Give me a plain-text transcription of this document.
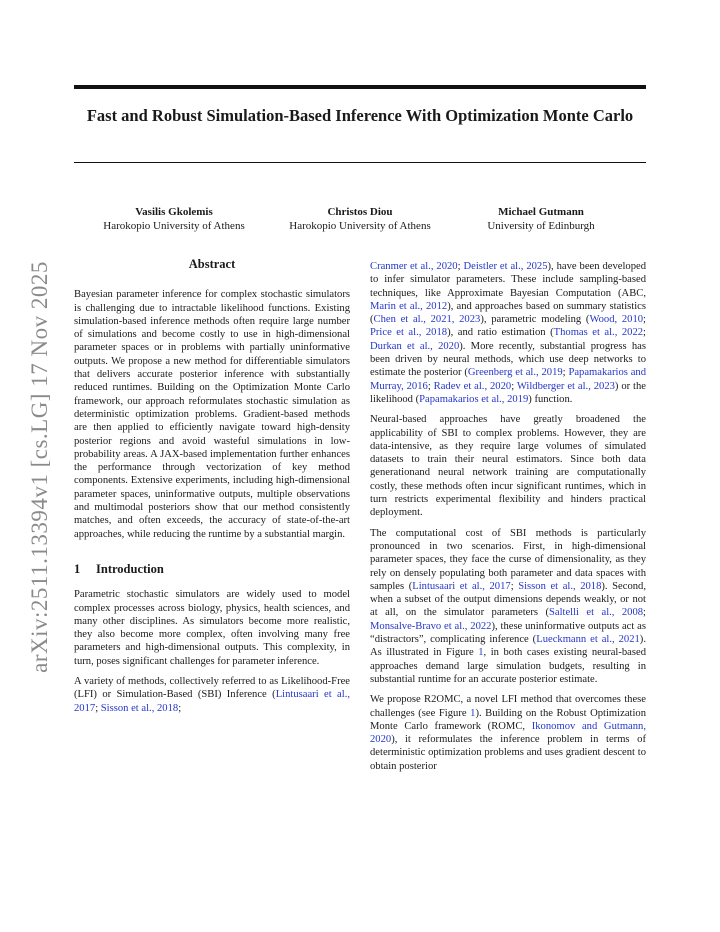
Fast and Robust Simulation-Based Inference With Optimization Monte Carlo
Vasilis Gkolemis
Harokopio University of Athens
Christos Diou
Harokopio University of Athens
Michael Gutmann
University of Edinburgh
arXiv:2511.13394v1 [cs.LG] 17 Nov 2025	Abstract

Bayesian parameter inference for complex stochastic simulators is challenging due to intractable likelihood functions. Existing simulation-based inference methods often require large number of simulations and become costly to use in high-dimensional parameter spaces or in problems with partially uninformative outputs. We propose a new method for differentiable simulators that delivers accurate posterior inference with substantially reduced runtimes. Building on the Optimization Monte Carlo framework, our approach reformulates stochastic simulation as deterministic optimization problems. Gradient-based methods are then applied to efficiently navigate toward high-density posterior regions and avoid wasteful simulations in low-probability areas. A JAX-based implementation further enhances the performance through vectorization of key method components. Extensive experiments, including high-dimensional parameter spaces, uninformative outputs, multiple observations and multimodal posteriors show that our method consistently matches, and often exceeds, the accuracy of state-of-the-art approaches, while reducing the runtime by a substantial margin.

1 Introduction

Parametric stochastic simulators are widely used to model complex processes across biology, physics, health sciences, and many other disciplines. As simulators become more realistic, they also become more complex, often involving many free parameters and high-dimensional outputs. This complexity, in turn, poses significant challenges for parameter inference.

A variety of methods, collectively referred to as Likelihood-Free (LFI) or Simulation-Based (SBI) Inference (Lintusaari et al., 2017; Sisson et al., 2018;

Cranmer et al., 2020; Deistler et al., 2025), have been developed to infer simulator parameters. These include sampling-based techniques, like Approximate Bayesian Computation (ABC, Marin et al., 2012), and approaches based on summary statistics (Chen et al., 2021, 2023), parametric modeling (Wood, 2010; Price et al., 2018), and ratio estimation (Thomas et al., 2022; Durkan et al., 2020). More recently, substantial progress has been driven by neural methods, which use deep networks to estimate the posterior (Greenberg et al., 2019; Papamakarios and Murray, 2016; Radev et al., 2020; Wildberger et al., 2023) or the likelihood (Papamakarios et al., 2019) function.

Neural-based approaches have greatly broadened the applicability of SBI to complex problems. However, they are data-intensive, as they require large volumes of simulated datasets to train their neural estimators. Since both data generationand neural network training are computationally costly, these methods often incur significant runtimes, which in turn restricts experimental flexibility and hinders practical deployment.

The computational cost of SBI methods is particularly pronounced in two scenarios. First, in high-dimensional parameter spaces, they face the curse of dimensionality, as they rely on densely populating both parameter and data spaces with samples (Lintusaari et al., 2017; Sisson et al., 2018). Second, when a subset of the output dimensions depends weakly, or not at all, on the simulator parameters (Saltelli et al., 2008; Monsalve-Bravo et al., 2022), these uninformative outputs act as “distractors”, complicating inference (Lueckmann et al., 2021). As illustrated in Figure 1, in both cases existing neural-based approaches demand large simulation budgets, resulting in substantial runtime for an accurate posterior estimate.

We propose R2OMC, a novel LFI method that overcomes these challenges (see Figure 1). Building on the Robust Optimization Monte Carlo framework (ROMC, Ikonomov and Gutmann, 2020), it reformulates the inference problem in terms of deterministic optimization problems and uses gradient descent to obtain posterior
